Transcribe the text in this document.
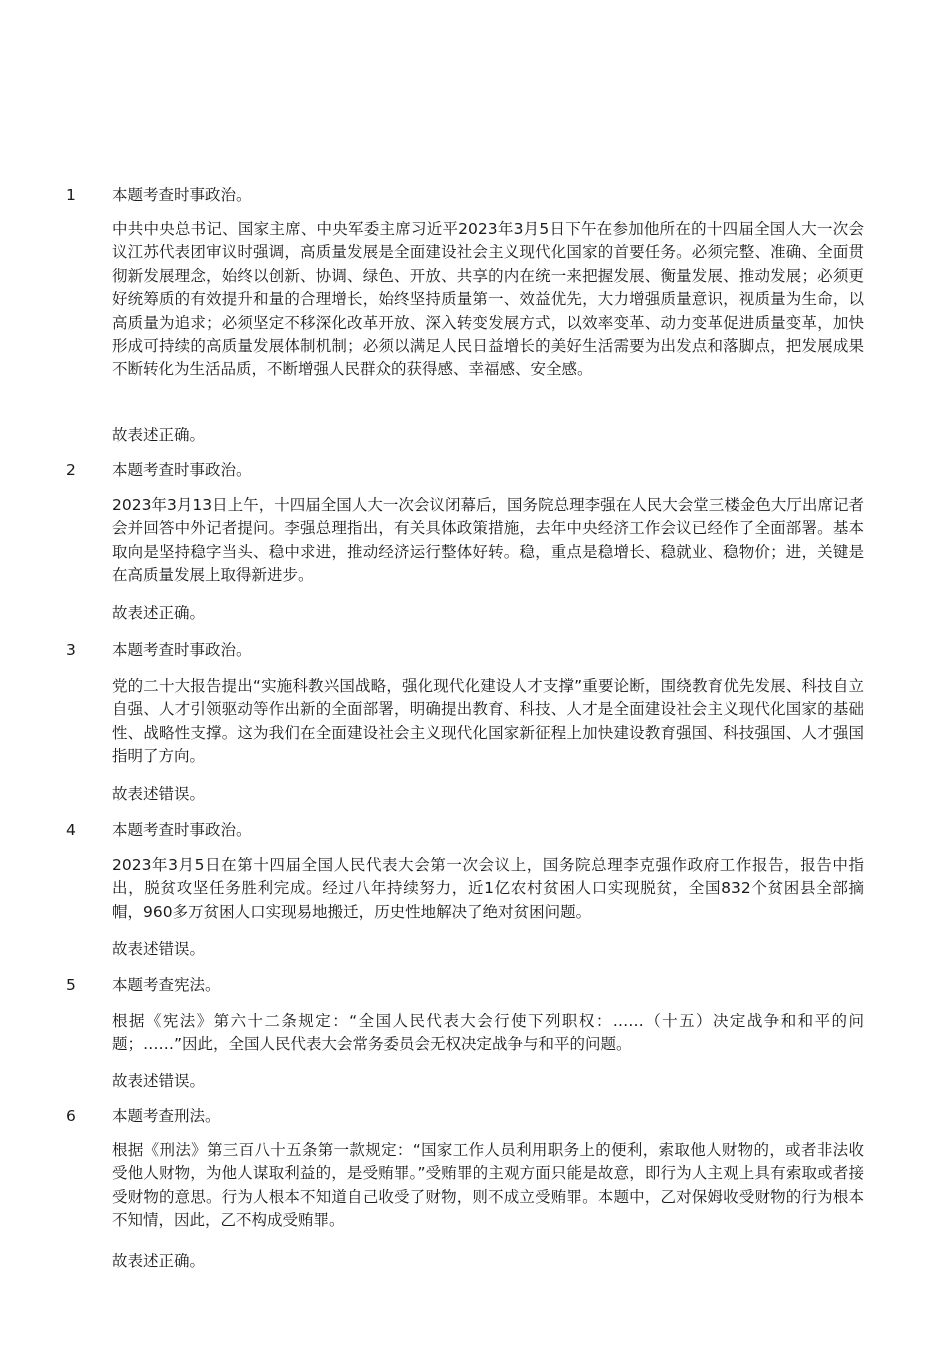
1 本题考查时事政治。

中共中央总书记、国家主席、中央军委主席习近平2023年3月5日下午在参加他所在的十四届全国人大一次会议江苏代表团审议时强调，高质量发展是全面建设社会主义现代化国家的首要任务。必须完整、准确、全面贯彻新发展理念，始终以创新、协调、绿色、开放、共享的内在统一来把握发展、衡量发展、推动发展；必须更好统筹质的有效提升和量的合理增长，始终坚持质量第一、效益优先，大力增强质量意识，视质量为生命，以高质量为追求；必须坚定不移深化改革开放、深入转变发展方式，以效率变革、动力变革促进质量变革，加快形成可持续的高质量发展体制机制；必须以满足人民日益增长的美好生活需要为出发点和落脚点，把发展成果不断转化为生活品质，不断增强人民群众的获得感、幸福感、安全感。

故表述正确。
2 本题考查时事政治。

2023年3月13日上午，十四届全国人大一次会议闭幕后，国务院总理李强在人民大会堂三楼金色大厅出席记者会并回答中外记者提问。李强总理指出，有关具体政策措施，去年中央经济工作会议已经作了全面部署。基本取向是坚持稳字当头、稳中求进，推动经济运行整体好转。稳，重点是稳增长、稳就业、稳物价；进，关键是在高质量发展上取得新进步。

故表述正确。
3 本题考查时事政治。

党的二十大报告提出“实施科教兴国战略，强化现代化建设人才支撑”重要论断，围绕教育优先发展、科技自立自强、人才引领驱动等作出新的全面部署，明确提出教育、科技、人才是全面建设社会主义现代化国家的基础性、战略性支撑。这为我们在全面建设社会主义现代化国家新征程上加快建设教育强国、科技强国、人才强国指明了方向。

故表述错误。
4 本题考查时事政治。

2023年3月5日在第十四届全国人民代表大会第一次会议上，国务院总理李克强作政府工作报告，报告中指出，脱贫攻坚任务胜利完成。经过八年持续努力，近1亿农村贫困人口实现脱贫，全国832个贫困县全部摘帽，960多万贫困人口实现易地搬迁，历史性地解决了绝对贫困问题。

故表述错误。
5 本题考查宪法。

根据《宪法》第六十二条规定：“全国人民代表大会行使下列职权：……（十五）决定战争和和平的问题；……”因此，全国人民代表大会常务委员会无权决定战争与和平的问题。

故表述错误。
6 本题考查刑法。

根据《刑法》第三百八十五条第一款规定：“国家工作人员利用职务上的便利，索取他人财物的，或者非法收受他人财物，为他人谋取利益的，是受贿罪。”受贿罪的主观方面只能是故意，即行为人主观上具有索取或者接受财物的意思。行为人根本不知道自己收受了财物，则不成立受贿罪。本题中，乙对保姆收受财物的行为根本不知情，因此，乙不构成受贿罪。

故表述正确。
